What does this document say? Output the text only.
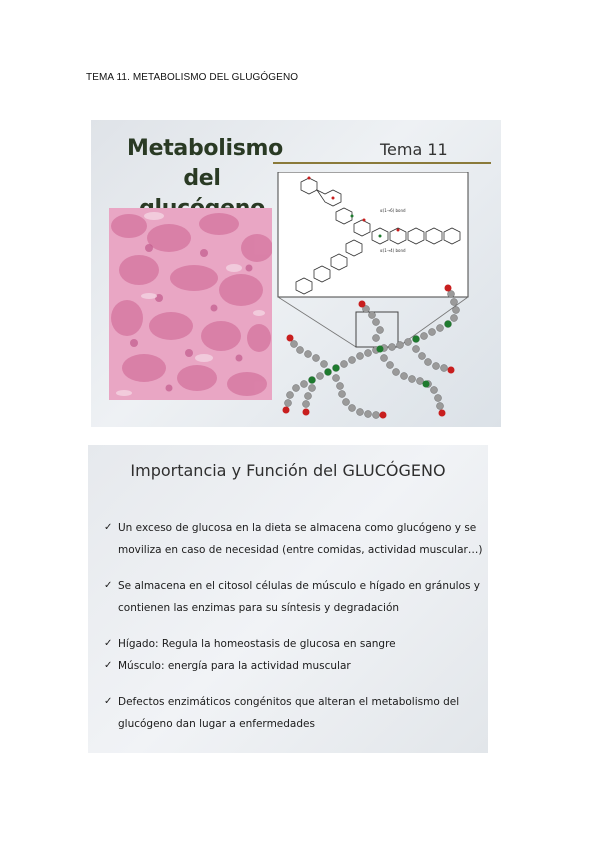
TEMA 11. METABOLISMO DEL GLUGÓGENO
Metabolismo
del
Tema 11
α(1→6) bond
α(1→4) bond
Importancia y Función del GLUCÓGENO
✓ Un exceso de glucosa en la dieta se almacena como glucógeno y se moviliza en caso de necesidad (entre comidas, actividad muscular…)
✓ Se almacena en el citosol células de músculo e hígado en gránulos y contienen las enzimas para su síntesis y degradación
✓ Hígado: Regula la homeostasis de glucosa en sangre
✓ Músculo: energía para la actividad muscular
✓ Defectos enzimáticos congénitos que alteran el metabolismo del glucógeno dan lugar a enfermedades
